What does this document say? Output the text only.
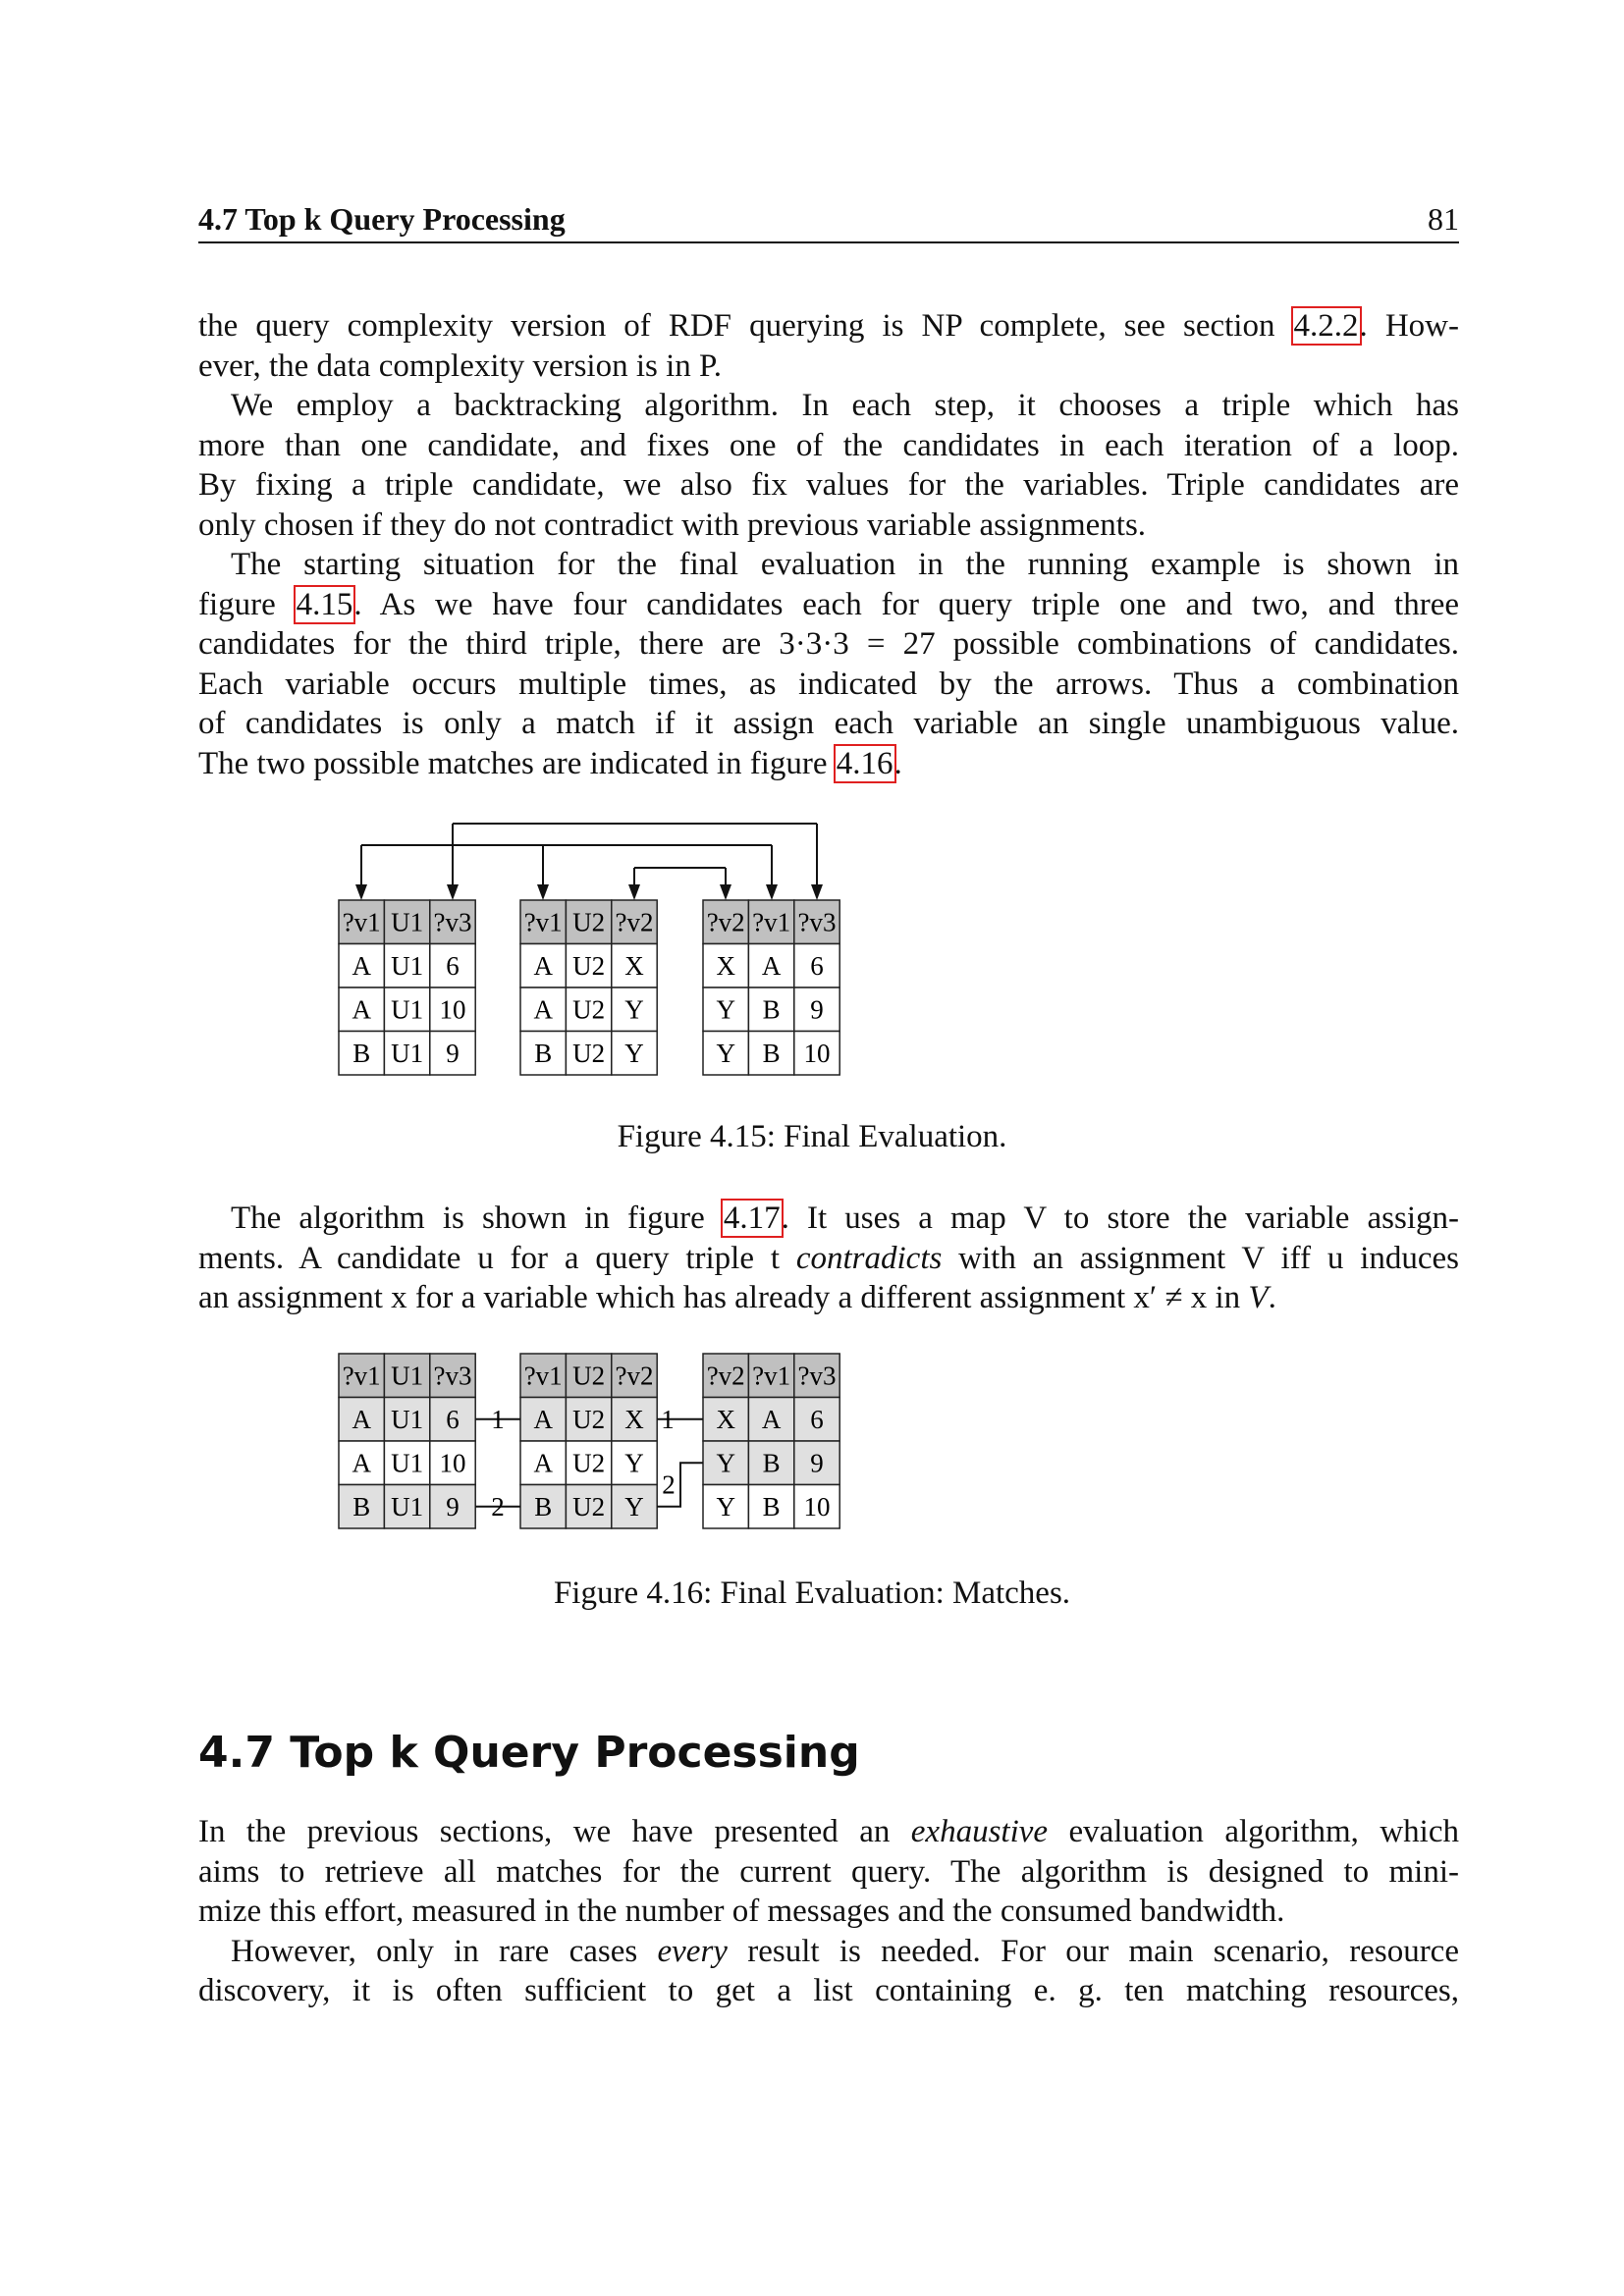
4.7 Top k Query Processing	81
the query complexity version of RDF querying is NP complete, see section 4.2.2. How-
ever, the data complexity version is in P.
We employ a backtracking algorithm. In each step, it chooses a triple which has
more than one candidate, and fixes one of the candidates in each iteration of a loop.
By fixing a triple candidate, we also fix values for the variables. Triple candidates are
only chosen if they do not contradict with previous variable assignments.
The starting situation for the final evaluation in the running example is shown in
figure 4.15. As we have four candidates each for query triple one and two, and three
candidates for the third triple, there are 3·3·3 = 27 possible combinations of candidates.
Each variable occurs multiple times, as indicated by the arrows. Thus a combination
of candidates is only a match if it assign each variable an single unambiguous value.
The two possible matches are indicated in figure 4.16.
?v1 U1 ?v3
A U1 6
A U1 10
B U1 9
?v1 U2 ?v2
A U2 X
A U2 Y
B U2 Y
?v2 ?v1 ?v3
X A 6
Y B 9
Y B 10
Figure 4.15: Final Evaluation.
The algorithm is shown in figure 4.17. It uses a map V to store the variable assign-
ments. A candidate u for a query triple t contradicts with an assignment V iff u induces
an assignment x for a variable which has already a different assignment x′ ≠ x in V.
?v1 U1 ?v3
A U1 6
A U1 10
B U1 9
?v1 U2 ?v2
A U2 X
A U2 Y
B U2 Y
?v2 ?v1 ?v3
X A 6
Y B 9
Y B 10
1
2
1
2
Figure 4.16: Final Evaluation: Matches.
4.7 Top k Query Processing
In the previous sections, we have presented an exhaustive evaluation algorithm, which
aims to retrieve all matches for the current query. The algorithm is designed to mini-
mize this effort, measured in the number of messages and the consumed bandwidth.
However, only in rare cases every result is needed. For our main scenario, resource
discovery, it is often sufficient to get a list containing e. g. ten matching resources,
